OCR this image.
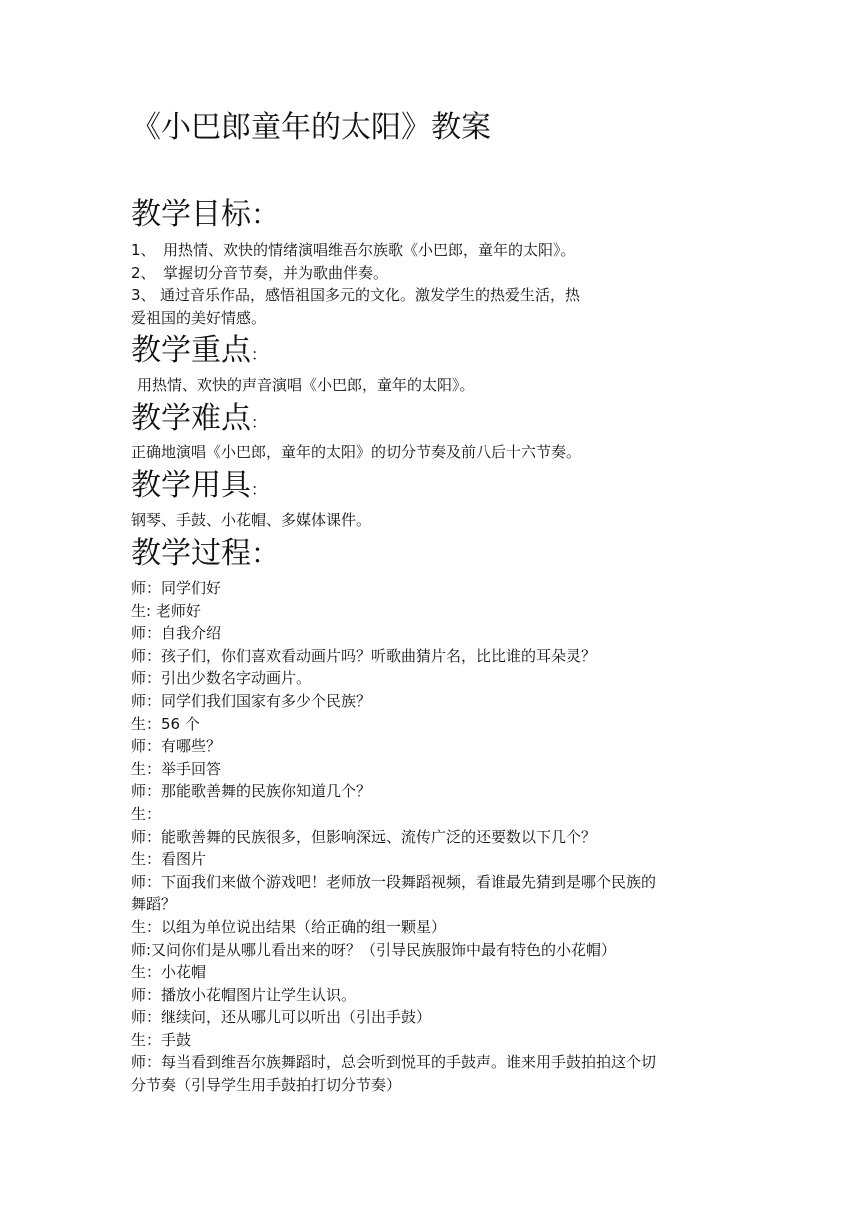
《小巴郎童年的太阳》教案
教学目标：
1、 用热情、欢快的情绪演唱维吾尔族歌《小巴郎，童年的太阳》。
2、 掌握切分音节奏，并为歌曲伴奏。
3、 通过音乐作品，感悟祖国多元的文化。激发学生的热爱生活，热
爱祖国的美好情感。
教学重点：
用热情、欢快的声音演唱《小巴郎，童年的太阳》。
教学难点：
正确地演唱《小巴郎，童年的太阳》的切分节奏及前八后十六节奏。
教学用具：
钢琴、手鼓、小花帽、多媒体课件。
教学过程：
师：同学们好
生: 老师好
师：自我介绍
师：孩子们，你们喜欢看动画片吗？听歌曲猜片名，比比谁的耳朵灵？
师：引出少数名字动画片。
师：同学们我们国家有多少个民族？
生：56 个
师：有哪些？
生：举手回答
师：那能歌善舞的民族你知道几个？
生：
师：能歌善舞的民族很多，但影响深远、流传广泛的还要数以下几个？
生：看图片
师：下面我们来做个游戏吧！老师放一段舞蹈视频，看谁最先猜到是哪个民族的
舞蹈？
生：以组为单位说出结果（给正确的组一颗星）
师:又问你们是从哪儿看出来的呀？（引导民族服饰中最有特色的小花帽）
生：小花帽
师：播放小花帽图片让学生认识。
师：继续问，还从哪儿可以听出（引出手鼓）
生：手鼓
师：每当看到维吾尔族舞蹈时，总会听到悦耳的手鼓声。谁来用手鼓拍拍这个切
分节奏（引导学生用手鼓拍打切分节奏）
